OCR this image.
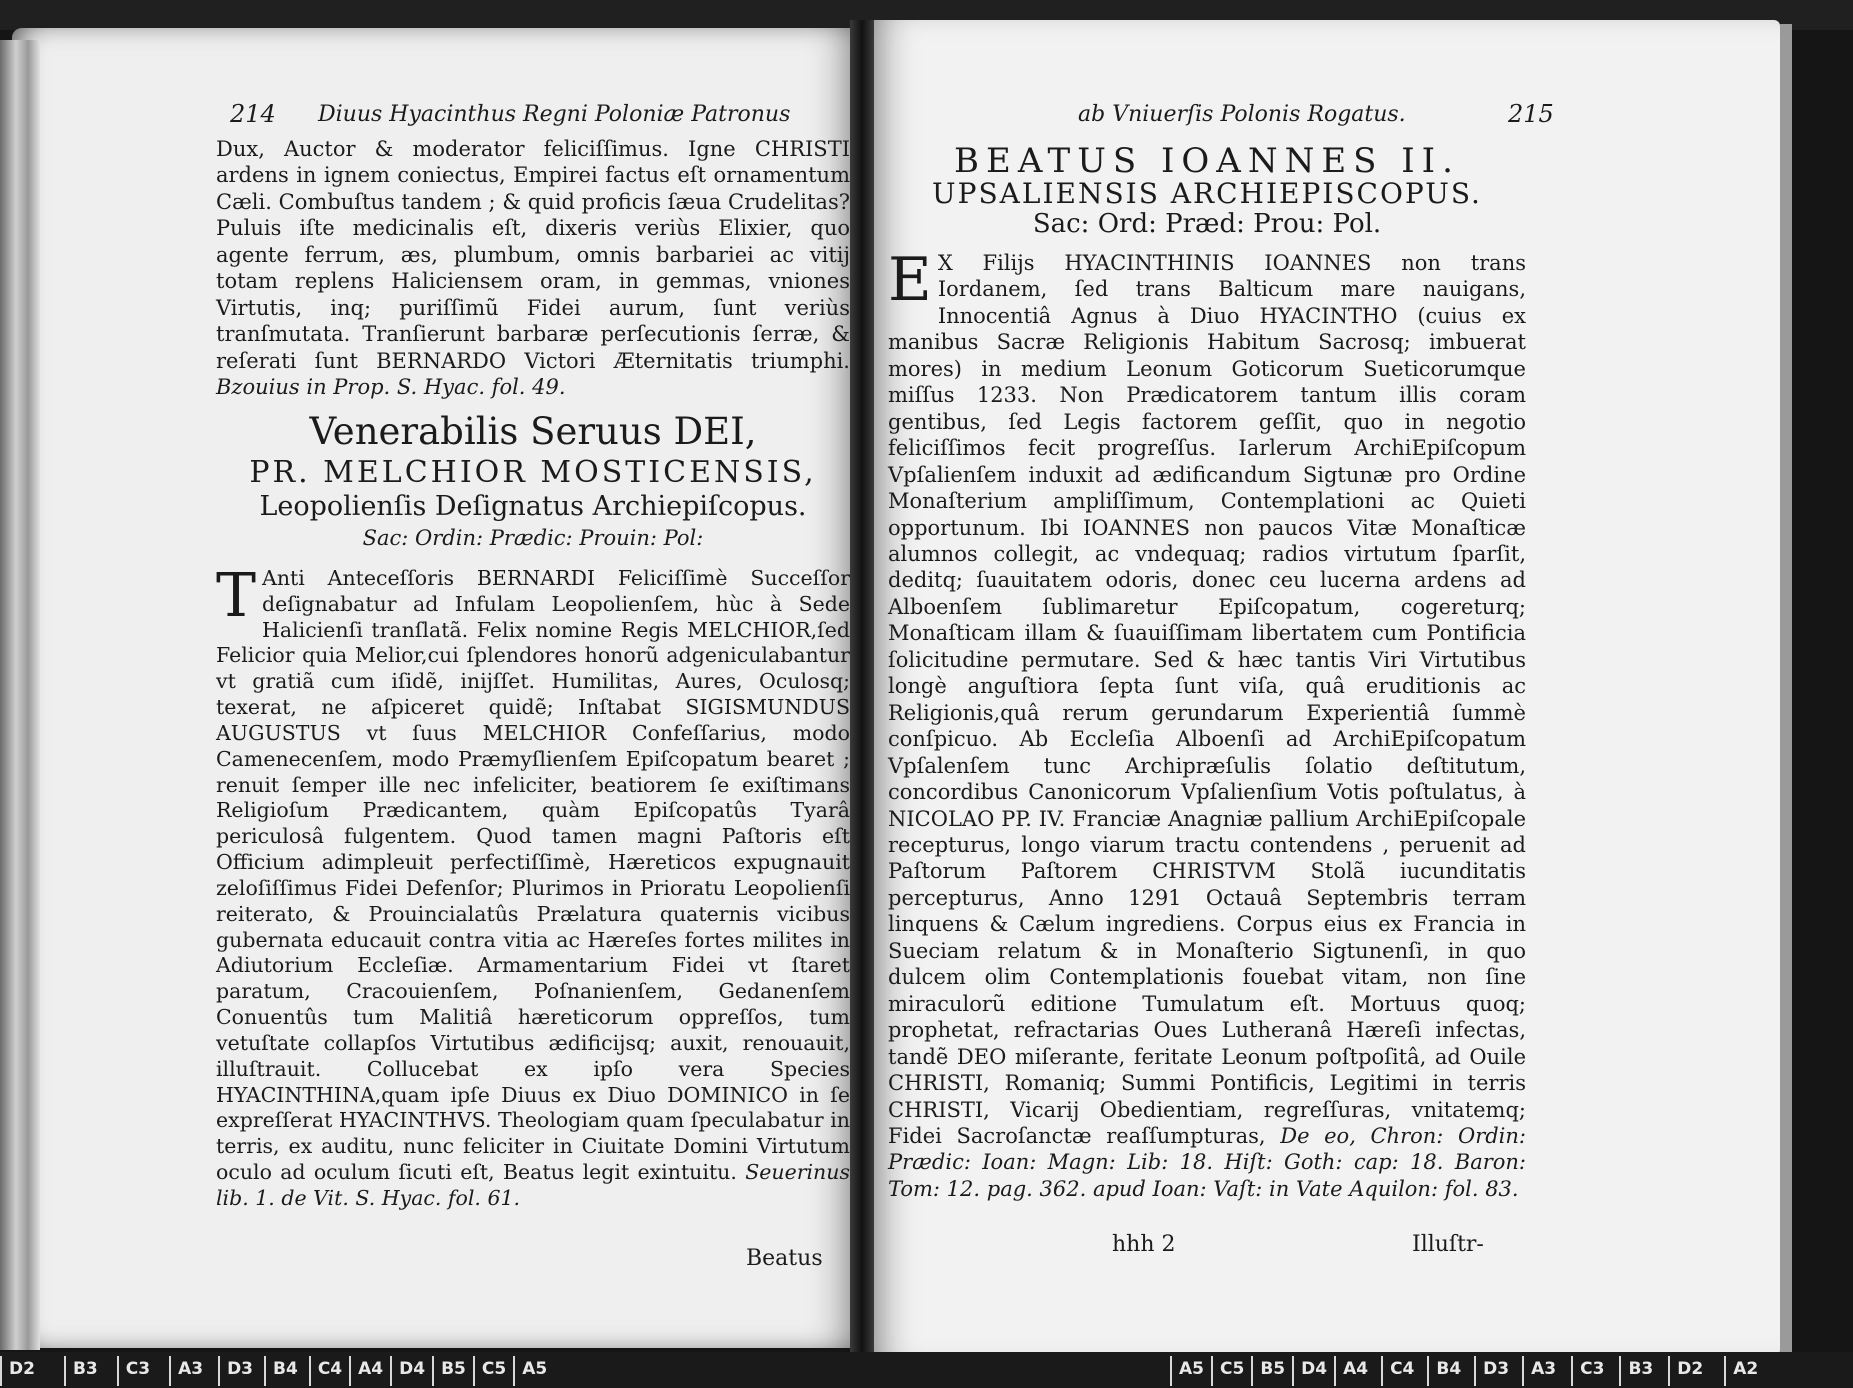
214 Diuus Hyacinthus Regni Poloniæ Patronus

Dux, Auctor & moderator feliciſſimus. Igne CHRISTI ardens in ignem coniectus, Empirei factus eſt ornamentum Cæli. Combuſtus tandem ; & quid proficis ſæua Crudelitas? Puluis iſte medicinalis eſt, dixeris veriùs Elixier, quo agente ferrum, æs, plumbum, omnis barbariei ac vitij totam replens Haliciensem oram, in gemmas, vniones Virtutis, inq; puriſſimũ Fidei aurum, ſunt veriùs tranſmutata. Tranſierunt barbaræ perſecutionis ſerræ, & reſerati ſunt BERNARDO Victori Æternitatis triumphi. Bzouius in Prop. S. Hyac. fol. 49.

Venerabilis Seruus DEI,
PR. MELCHIOR MOSTICENSIS,
Leopolienſis Deſignatus Archiepiſcopus.
Sac: Ordin: Prædic: Prouin: Pol:

T Anti Anteceſſoris BERNARDI Feliciſſimè Succeſſor deſignabatur ad Infulam Leopolienſem, hùc à Sede Halicienſi tranſlatã. Felix nomine Regis MELCHIOR,ſed Felicior quia Melior,cui ſplendores honorũ adgeniculabantur vt gratiã cum iſidẽ, inijſſet. Humilitas, Aures, Oculosq; texerat, ne aſpiceret quidẽ; Inſtabat SIGISMUNDUS AUGUSTUS vt ſuus MELCHIOR Confeſſarius, modo Camenecenſem, modo Præmyſlienſem Epiſcopatum bearet ; renuit ſemper ille nec infeliciter, beatiorem ſe exiſtimans Religioſum Prædicantem, quàm Epiſcopatûs Tyarâ periculosâ fulgentem. Quod tamen magni Paſtoris eſt Officium adimpleuit perfectiſſimè, Hæreticos expugnauit zeloſiſſimus Fidei Defenſor; Plurimos in Prioratu Leopolienſi reiterato, & Prouincialatûs Prælatura quaternis vicibus gubernata educauit contra vitia ac Hæreſes fortes milites in Adiutorium Eccleſiæ. Armamentarium Fidei vt ſtaret paratum, Cracouienſem, Poſnanienſem, Gedanenſem Conuentûs tum Malitiâ hæreticorum oppreſſos, tum vetuſtate collapſos Virtutibus ædificijsq; auxit, renouauit, illuſtrauit. Collucebat ex ipſo vera Species HYACINTHINA,quam ipſe Diuus ex Diuo DOMINICO in ſe expreſſerat HYACINTHVS. Theologiam quam ſpeculabatur in terris, ex auditu, nunc feliciter in Ciuitate Domini Virtutum oculo ad oculum ſicuti eſt, Beatus legit exintuitu. Seuerinus lib. 1. de Vit. S. Hyac. fol. 61.

Beatus
ab Vniuerſis Polonis Rogatus.	215
BEATUS IOANNES II.
UPSALIENSIS ARCHIEPISCOPUS.
Sac: Ord: Præd: Prou: Pol.

E X Filijs HYACINTHINIS IOANNES non trans Iordanem, ſed trans Balticum mare nauigans, Innocentiâ Agnus à Diuo HYACINTHO (cuius ex manibus Sacræ Religionis Habitum Sacrosq; imbuerat mores) in medium Leonum Goticorum Sueticorumque miſſus 1233. Non Prædicatorem tantum illis coram gentibus, ſed Legis factorem geſſit, quo in negotio feliciſſimos fecit progreſſus. Iarlerum ArchiEpiſcopum Vpſalienſem induxit ad ædificandum Sigtunæ pro Ordine Monaſterium ampliſſimum, Contemplationi ac Quieti opportunum. Ibi IOANNES non paucos Vitæ Monaſticæ alumnos collegit, ac vndequaq; radios virtutum ſparſit, deditq; ſuauitatem odoris, donec ceu lucerna ardens ad Alboenſem ſublimaretur Epiſcopatum, cogereturq; Monaſticam illam & ſuauiſſimam libertatem cum Pontificia ſolicitudine permutare. Sed & hæc tantis Viri Virtutibus longè anguſtiora ſepta ſunt viſa, quâ eruditionis ac Religionis,quâ rerum gerundarum Experientiâ ſummè conſpicuo. Ab Eccleſia Alboenſi ad ArchiEpiſcopatum Vpſalenſem tunc Archipræſulis ſolatio deſtitutum, concordibus Canonicorum Vpſalienſium Votis poſtulatus, à NICOLAO PP. IV. Franciæ Anagniæ pallium ArchiEpiſcopale recepturus, longo viarum tractu contendens , peruenit ad Paſtorum Paſtorem CHRISTVM Stolã iucunditatis percepturus, Anno 1291 Octauâ Septembris terram linquens & Cælum ingrediens. Corpus eius ex Francia in Sueciam relatum & in Monaſterio Sigtunenſi, in quo dulcem olim Contemplationis fouebat vitam, non ſine miraculorũ editione Tumulatum eſt. Mortuus quoq; prophetat, refractarias Oues Lutheranâ Hæreſi infectas, tandẽ DEO miſerante, feritate Leonum poſtpoſitâ, ad Ouile CHRISTI, Romaniq; Summi Pontificis, Legitimi in terris CHRISTI, Vicarij Obedientiam, regreſſuras, vnitatemq; Fidei Sacroſanctæ reaſſumpturas, De eo, Chron: Ordin: Prædic: Ioan: Magn: Lib: 18. Hiſt: Goth: cap: 18. Baron: Tom: 12. pag. 362. apud Ioan: Vaſt: in Vate Aquilon: fol. 83.

hhh 2	Illuſtr-
D2	B3	C3	A3	D3	B4	C4 A4 D4 B5 C5 A5	A5 C5 B5 D4 A4	C4	B4	D3	A3	C3	B3	D2	A2
